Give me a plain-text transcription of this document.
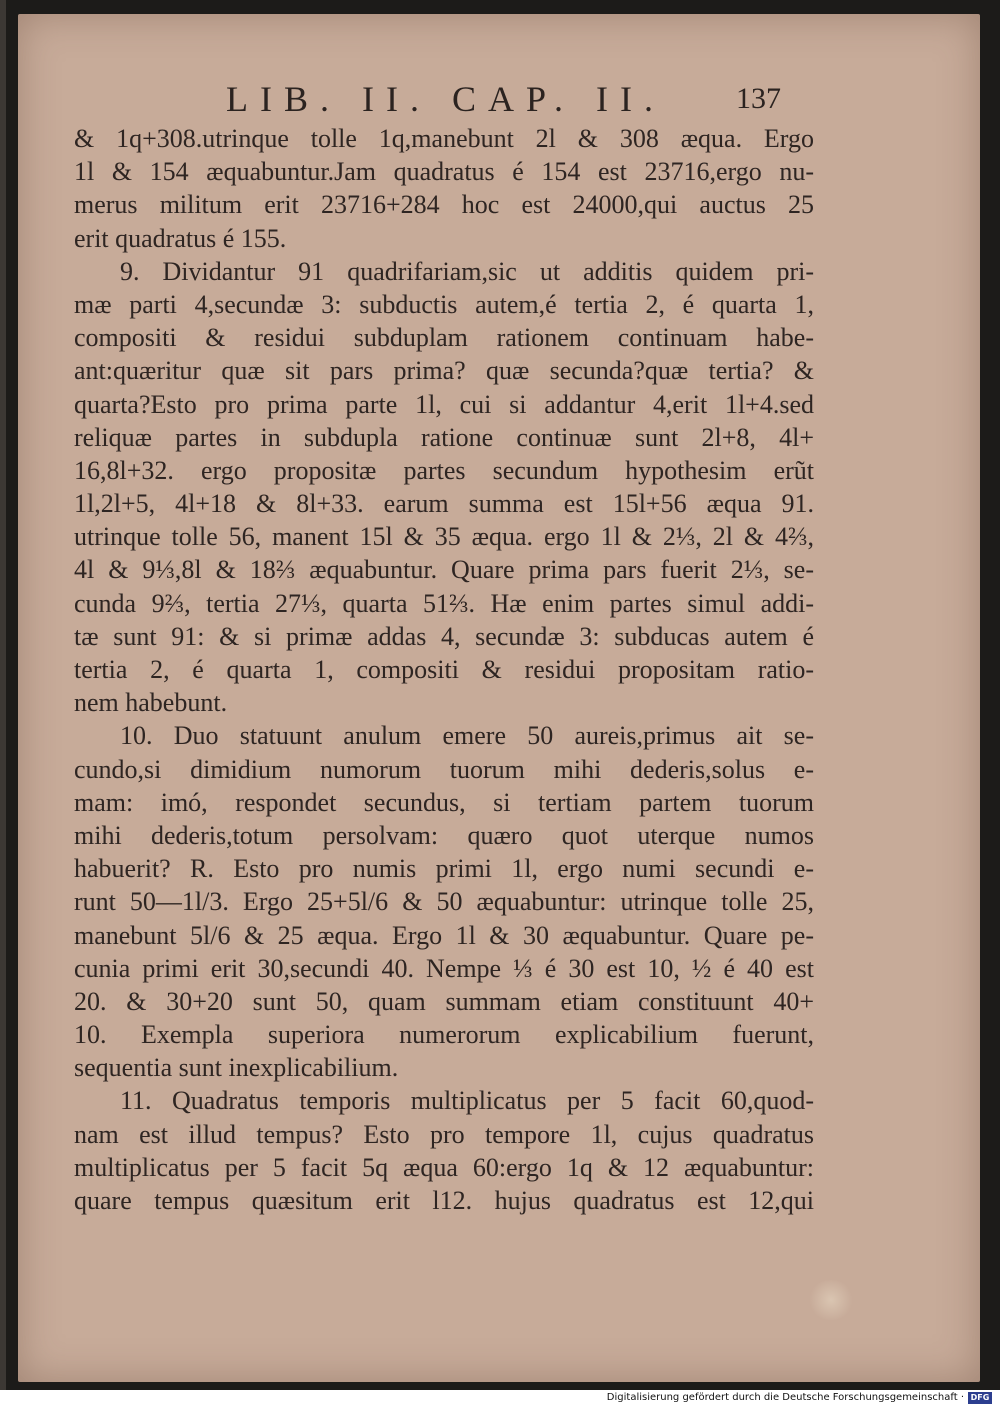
LIB. II. CAP. II. 137
& 1q+308.utrinque tolle 1q,manebunt 2l & 308 æqua. Ergo
1l & 154 æquabuntur.Jam quadratus é 154 est 23716,ergo nu-
merus militum erit 23716+284 hoc est 24000,qui auctus 25
erit quadratus é 155.
9. Dividantur 91 quadrifariam,sic ut additis quidem pri-
mæ parti 4,secundæ 3: subductis autem,é tertia 2, é quarta 1,
compositi & residui subduplam rationem continuam habe-
ant:quæritur quæ sit pars prima? quæ secunda?quæ tertia? &
quarta?Esto pro prima parte 1l, cui si addantur 4,erit 1l+4.sed
reliquæ partes in subdupla ratione continuæ sunt 2l+8, 4l+
16,8l+32. ergo propositæ partes secundum hypothesim erũt
1l,2l+5, 4l+18 & 8l+33. earum summa est 15l+56 æqua 91.
utrinque tolle 56, manent 15l & 35 æqua. ergo 1l & 2⅓, 2l & 4⅔,
4l & 9⅓,8l & 18⅔ æquabuntur. Quare prima pars fuerit 2⅓, se-
cunda 9⅔, tertia 27⅓, quarta 51⅔. Hæ enim partes simul addi-
tæ sunt 91: & si primæ addas 4, secundæ 3: subducas autem é
tertia 2, é quarta 1, compositi & residui propositam ratio-
nem habebunt.
10. Duo statuunt anulum emere 50 aureis,primus ait se-
cundo,si dimidium numorum tuorum mihi dederis,solus e-
mam: imó, respondet secundus, si tertiam partem tuorum
mihi dederis,totum persolvam: quæro quot uterque numos
habuerit? R. Esto pro numis primi 1l, ergo numi secundi e-
runt 50—1l/3. Ergo 25+5l/6 & 50 æquabuntur: utrinque tolle 25,
manebunt 5l/6 & 25 æqua. Ergo 1l & 30 æquabuntur. Quare pe-
cunia primi erit 30,secundi 40. Nempe ⅓ é 30 est 10, ½ é 40 est
20. & 30+20 sunt 50, quam summam etiam constituunt 40+
10. Exempla superiora numerorum explicabilium fuerunt,
sequentia sunt inexplicabilium.
11. Quadratus temporis multiplicatus per 5 facit 60,quod-
nam est illud tempus? Esto pro tempore 1l, cujus quadratus
multiplicatus per 5 facit 5q æqua 60:ergo 1q & 12 æquabuntur:
quare tempus quæsitum erit l12. hujus quadratus est 12,qui
Digitalisierung gefördert durch die Deutsche Forschungsgemeinschaft · DFG
